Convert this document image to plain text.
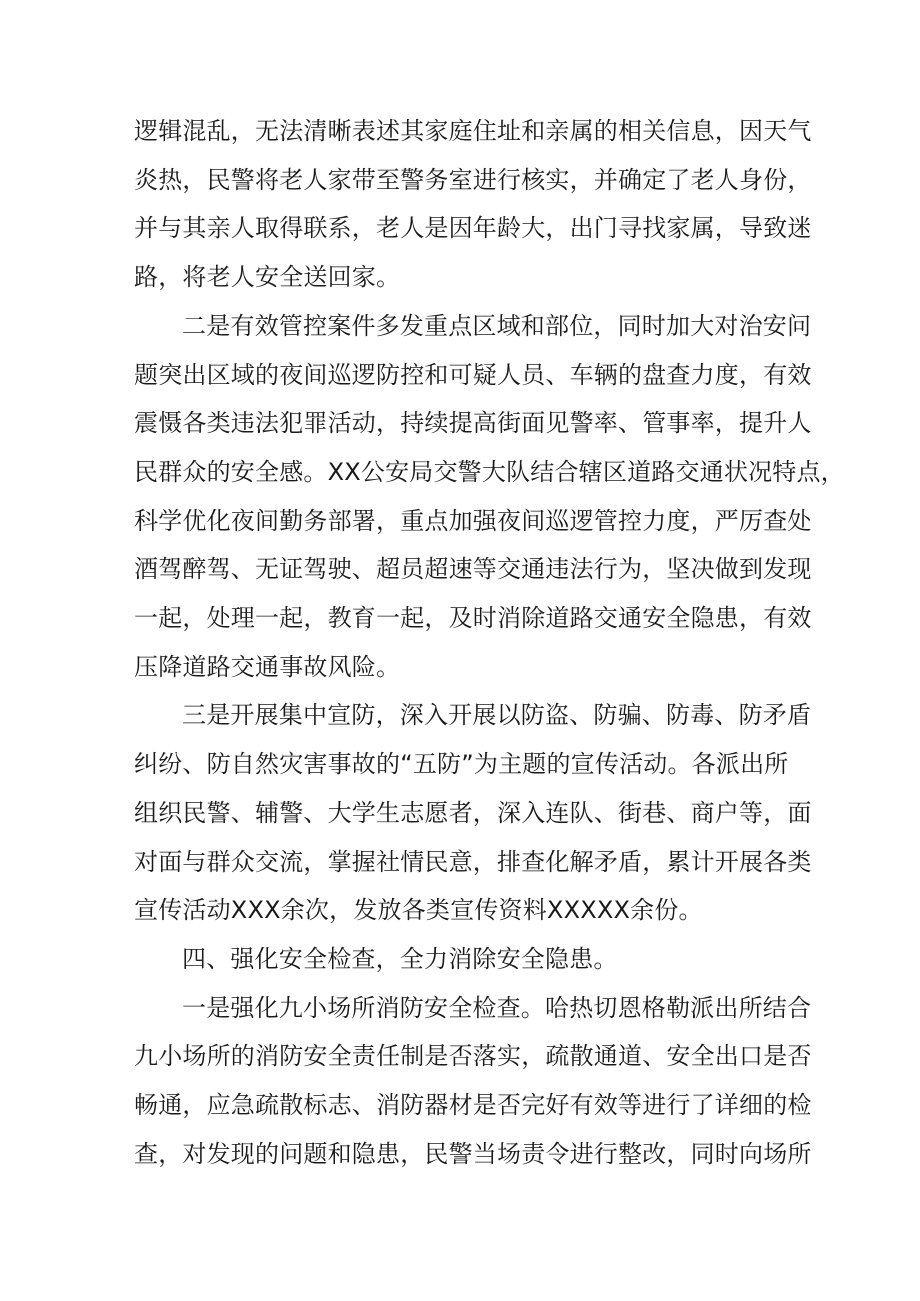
逻辑混乱，无法清晰表述其家庭住址和亲属的相关信息，因天气
炎热，民警将老人家带至警务室进行核实，并确定了老人身份，
并与其亲人取得联系，老人是因年龄大，出门寻找家属，导致迷
路，将老人安全送回家。

二是有效管控案件多发重点区域和部位，同时加大对治安问
题突出区域的夜间巡逻防控和可疑人员、车辆的盘查力度，有效
震慑各类违法犯罪活动，持续提高街面见警率、管事率，提升人
民群众的安全感。XX公安局交警大队结合辖区道路交通状况特点，
科学优化夜间勤务部署，重点加强夜间巡逻管控力度，严厉查处
酒驾醉驾、无证驾驶、超员超速等交通违法行为，坚决做到发现
一起，处理一起，教育一起，及时消除道路交通安全隐患，有效
压降道路交通事故风险。

三是开展集中宣防，深入开展以防盗、防骗、防毒、防矛盾
纠纷、防自然灾害事故的“五防”为主题的宣传活动。各派出所
组织民警、辅警、大学生志愿者，深入连队、街巷、商户等，面
对面与群众交流，掌握社情民意，排查化解矛盾，累计开展各类
宣传活动XXX余次，发放各类宣传资料XXXXX余份。

四、强化安全检查，全力消除安全隐患。

一是强化九小场所消防安全检查。哈热切恩格勒派出所结合
九小场所的消防安全责任制是否落实，疏散通道、安全出口是否
畅通，应急疏散标志、消防器材是否完好有效等进行了详细的检
查，对发现的问题和隐患，民警当场责令进行整改，同时向场所
